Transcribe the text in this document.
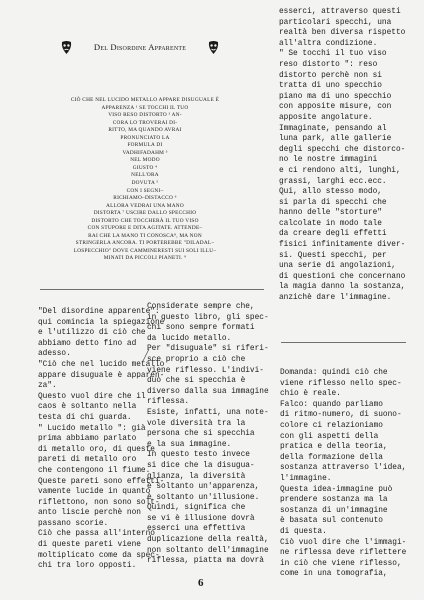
Del Disordine Apparente
CIÒ CHE NEL LUCIDO METALLO APPARE DISUGUALE È
APPARENZA ¹ SE TOCCHI IL TUO
VISO RESO DISTORTO ² AN-
CORA LO TROVERAI DI-
RITTO, MA QUANDO AVRAI
PRONUNCIATO LA
FORMULA DI
VADHIFADAHM ³
NEL MODO
GIUSTO ⁴
NELL'ORA
DOVUTA ⁵
CON I SEGNI–
RICHIAMO–DISTACCO ⁶
ALLORA VEDRAI UNA MANO
DISTORTA ⁷ USCIRE DALLO SPECCHIO
DISTORTO CHE TOCCHERÀ IL TUO VISO
CON STUPORE E DITA AGITATE. ATTENDE–
RAI CHE LA MANO TI CONOSCA⁸, MA NON
STRINGERLA ANCORA. TI PORTEREBBE "DILADAL–
LOSPECCHIO" DOVE CAMMINERESTI SUI SOLI ILLU–
MINATI DA PICCOLI PIANETI. ⁹
esserci, attraverso questi
particolari specchi, una
realtà ben diversa rispetto
all'altra condizione.
" Se tocchi il tuo viso
reso distorto ": reso
distorto perchè non si
tratta di uno specchio
piano ma di uno specchio
con apposite misure, con
apposite angolature.
Immaginate, pensando al
luna park, alle gallerie
degli specchi che distorco-
no le nostre immagini
e ci rendono alti, lunghi,
grassi, larghi ecc.ecc.
Qui, allo stesso modo,
si parla di specchi che
hanno delle "storture"
calcolate in modo tale
da creare degli effetti
fisici infinitamente diver-
si. Questi specchi, per
una serie di angolazioni,
di questioni che concernano
la magia danno la sostanza,
anzichè dare l'immagine.
"Del disordine apparente":
qui comincia la spiegazione
e l'utilizzo di ciò che
abbiamo detto fino ad
adesso.
"Ciò che nel lucido metallo
appare disuguale è apparen-
za".
Questo vuol dire che il
caos è soltanto nella
testa di chi guarda.
" Lucido metallo ": già
prima abbiamo parlato
di metallo oro, di queste
pareti di metallo oro
che contengono il fiume.
Queste pareti sono effetti-
vamente lucide in quanto
riflettono, non sono solt-
anto liscie perchè non
passano scorie.
Ciò che passa all'interno
di queste pareti viene
moltiplicato come da spec-
chi tra loro opposti.
Considerate sempre che,
in questo libro, gli spec-
chi sono sempre formati
da lucido metallo.
Per "disuguale" si riferi-
sce proprio a ciò che
viene riflesso. L'indivi-
duo che si specchia è
diverso dalla sua immagine
riflessa.
Esiste, infatti, una note-
vole diversità tra la
persona che si specchia
e la sua immagine.
In questo testo invece
si dice che la disugua-
glianza, la diversità
è soltanto un'apparenza,
è soltanto un'illusione.
Quindi, significa che
se vi è illusione dovrà
esserci una effettiva
duplicazione della realtà,
non soltanto dell'immagine
riflessa, piatta ma dovrà
Domanda: quindi ciò che
viene riflesso nello spec-
chio è reale.
Falco: quando parliamo
di ritmo-numero, di suono-
colore ci relazioniamo
con gli aspetti della
pratica e della teoria,
della formazione della
sostanza attraverso l'idea,
l'immagine.
Questa idea-immagine può
prendere sostanza ma la
sostanza di un'immagine
è basata sul contenuto
di questa.
Ciò vuol dire che l'immagi-
ne riflessa deve riflettere
in ciò che viene riflesso,
come in una tomografia,
6
